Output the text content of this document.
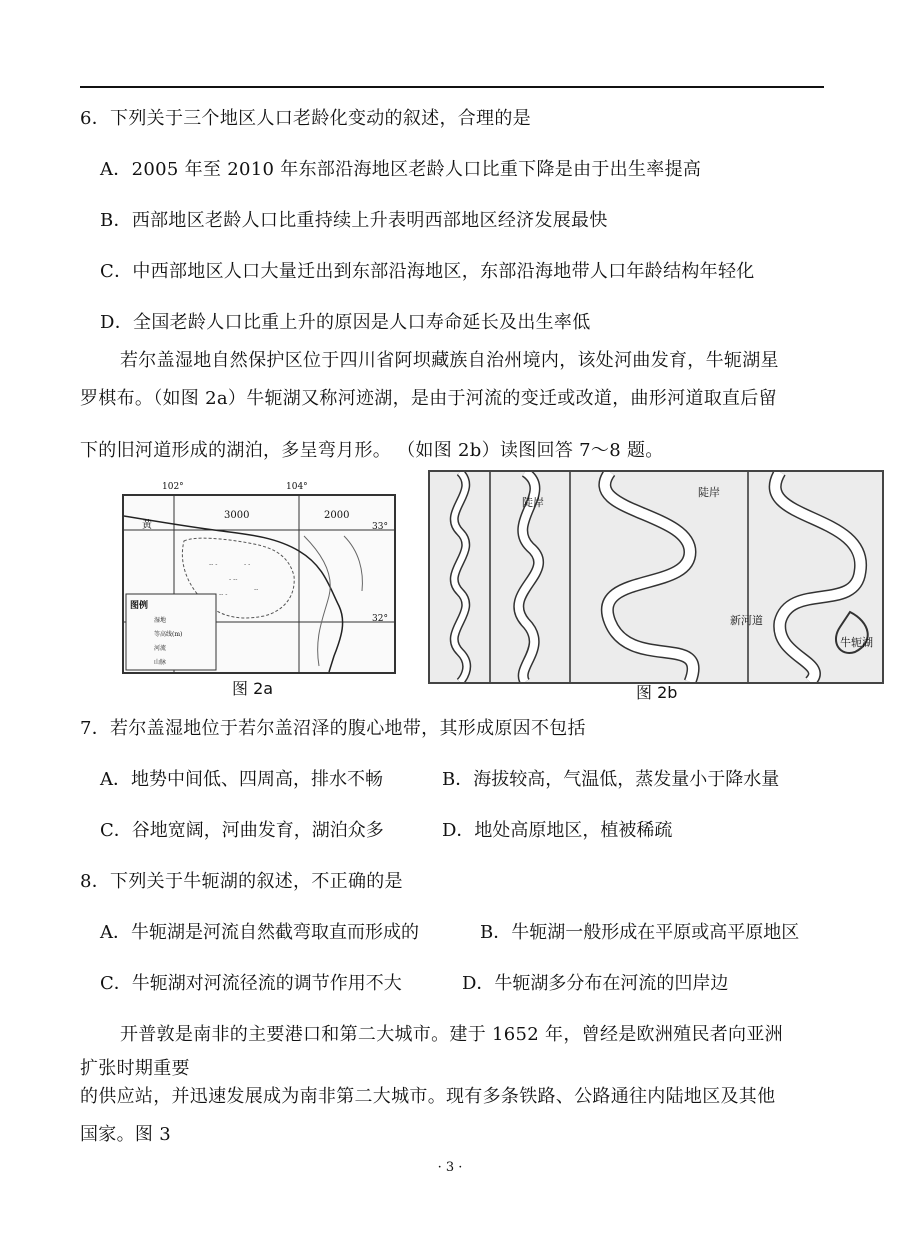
6．下列关于三个地区人口老龄化变动的叙述，合理的是
A．2005 年至 2010 年东部沿海地区老龄人口比重下降是由于出生率提高
B．西部地区老龄人口比重持续上升表明西部地区经济发展最快
C．中西部地区人口大量迁出到东部沿海地区，东部沿海地带人口年龄结构年轻化
D．全国老龄人口比重上升的原因是人口寿命延长及出生率低
若尔盖湿地自然保护区位于四川省阿坝藏族自治州境内，该处河曲发育，牛轭湖星
罗棋布。（如图 2a）牛轭湖又称河迹湖，是由于河流的变迁或改道，曲形河道取直后留
下的旧河道形成的湖泊，多呈弯月形。 （如图 2b）读图回答 7～8 题。
-- -
- --
-- -
- -
--
102°	104°
33°
32°
3000	2000
黄
图例
湿地
等高线(m)
河流
山脉
图 2a
陡岸
陡岸
新河道
牛轭湖
图 2b
7．若尔盖湿地位于若尔盖沼泽的腹心地带，其形成原因不包括
A．地势中间低、四周高，排水不畅	B．海拔较高，气温低，蒸发量小于降水量
C．谷地宽阔，河曲发育，湖泊众多	D．地处高原地区，植被稀疏
8．下列关于牛轭湖的叙述，不正确的是
A．牛轭湖是河流自然截弯取直而形成的	B．牛轭湖一般形成在平原或高平原地区
C．牛轭湖对河流径流的调节作用不大	D．牛轭湖多分布在河流的凹岸边
开普敦是南非的主要港口和第二大城市。建于 1652 年，曾经是欧洲殖民者向亚洲
扩张时期重要
的供应站，并迅速发展成为南非第二大城市。现有多条铁路、公路通往内陆地区及其他
国家。图 3
· 3 ·
